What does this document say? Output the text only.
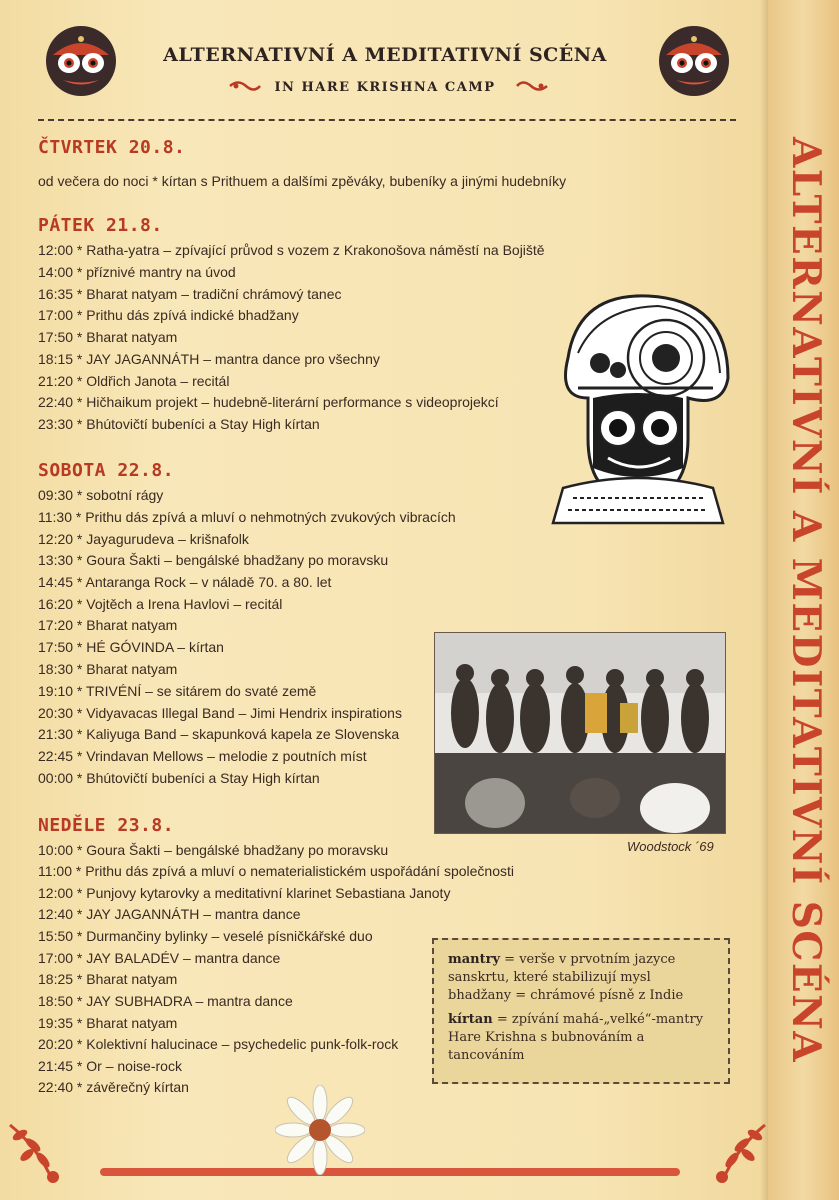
ALTERNATIVNÍ A MEDITATIVNÍ SCÉNA
ALTERNATIVNÍ A MEDITATIVNÍ SCÉNA
IN HARE KRISHNA CAMP
ČTVRTEK 20.8.
od večera do noci * kírtan s Prithuem a dalšími zpěváky, bubeníky a jinými hudebníky
PÁTEK 21.8.
12:00 * Ratha-yatra – zpívající průvod s vozem z Krakonošova náměstí na Bojiště
14:00 * příznivé mantry na úvod
16:35 * Bharat natyam – tradiční chrámový tanec
17:00 * Prithu dás zpívá indické bhadžany
17:50 * Bharat natyam
18:15 * JAY JAGANNÁTH – mantra dance pro všechny
21:20 * Oldřich Janota – recitál
22:40 * Hičhaikum projekt – hudebně-literární performance s videoprojekcí
23:30 * Bhútovičtí bubeníci a Stay High kírtan
SOBOTA 22.8.
09:30 * sobotní rágy
11:30 * Prithu dás zpívá a mluví o nehmotných zvukových vibracích
12:20 * Jayagurudeva – krišnafolk
13:30 * Goura Šakti – bengálské bhadžany po moravsku
14:45 * Antaranga Rock – v náladě 70. a 80. let
16:20 * Vojtěch a Irena Havlovi – recitál
17:20 * Bharat natyam
17:50 * HÉ GÓVINDA – kírtan
18:30 * Bharat natyam
19:10 * TRIVÉNÍ – se sitárem do svaté země
20:30 * Vidyavacas Illegal Band – Jimi Hendrix inspirations
21:30 * Kaliyuga Band – skapunková kapela ze Slovenska
22:45 * Vrindavan Mellows – melodie z poutních míst
00:00 * Bhútovičtí bubeníci a Stay High kírtan
NEDĚLE 23.8.
10:00 * Goura Šakti – bengálské bhadžany po moravsku
11:00 * Prithu dás zpívá a mluví o nematerialistickém uspořádání společnosti
12:00 * Punjovy kytarovky a meditativní klarinet Sebastiana Janoty
12:40 * JAY JAGANNÁTH – mantra dance
15:50 * Durmančiny bylinky – veselé písničkářské duo
17:00 * JAY BALADÉV – mantra dance
18:25 * Bharat natyam
18:50 * JAY SUBHADRA – mantra dance
19:35 * Bharat natyam
20:20 * Kolektivní halucinace – psychedelic punk-folk-rock
21:45 * Or – noise-rock
22:40 * závěrečný kírtan
Woodstock ´69

mantry = verše v prvotním jazyce sanskrtu, které stabilizují mysl
bhadžany = chrámové písně z Indie

kírtan = zpívání mahá-„velké“-mantry Hare Krishna s bubnováním a tancováním
